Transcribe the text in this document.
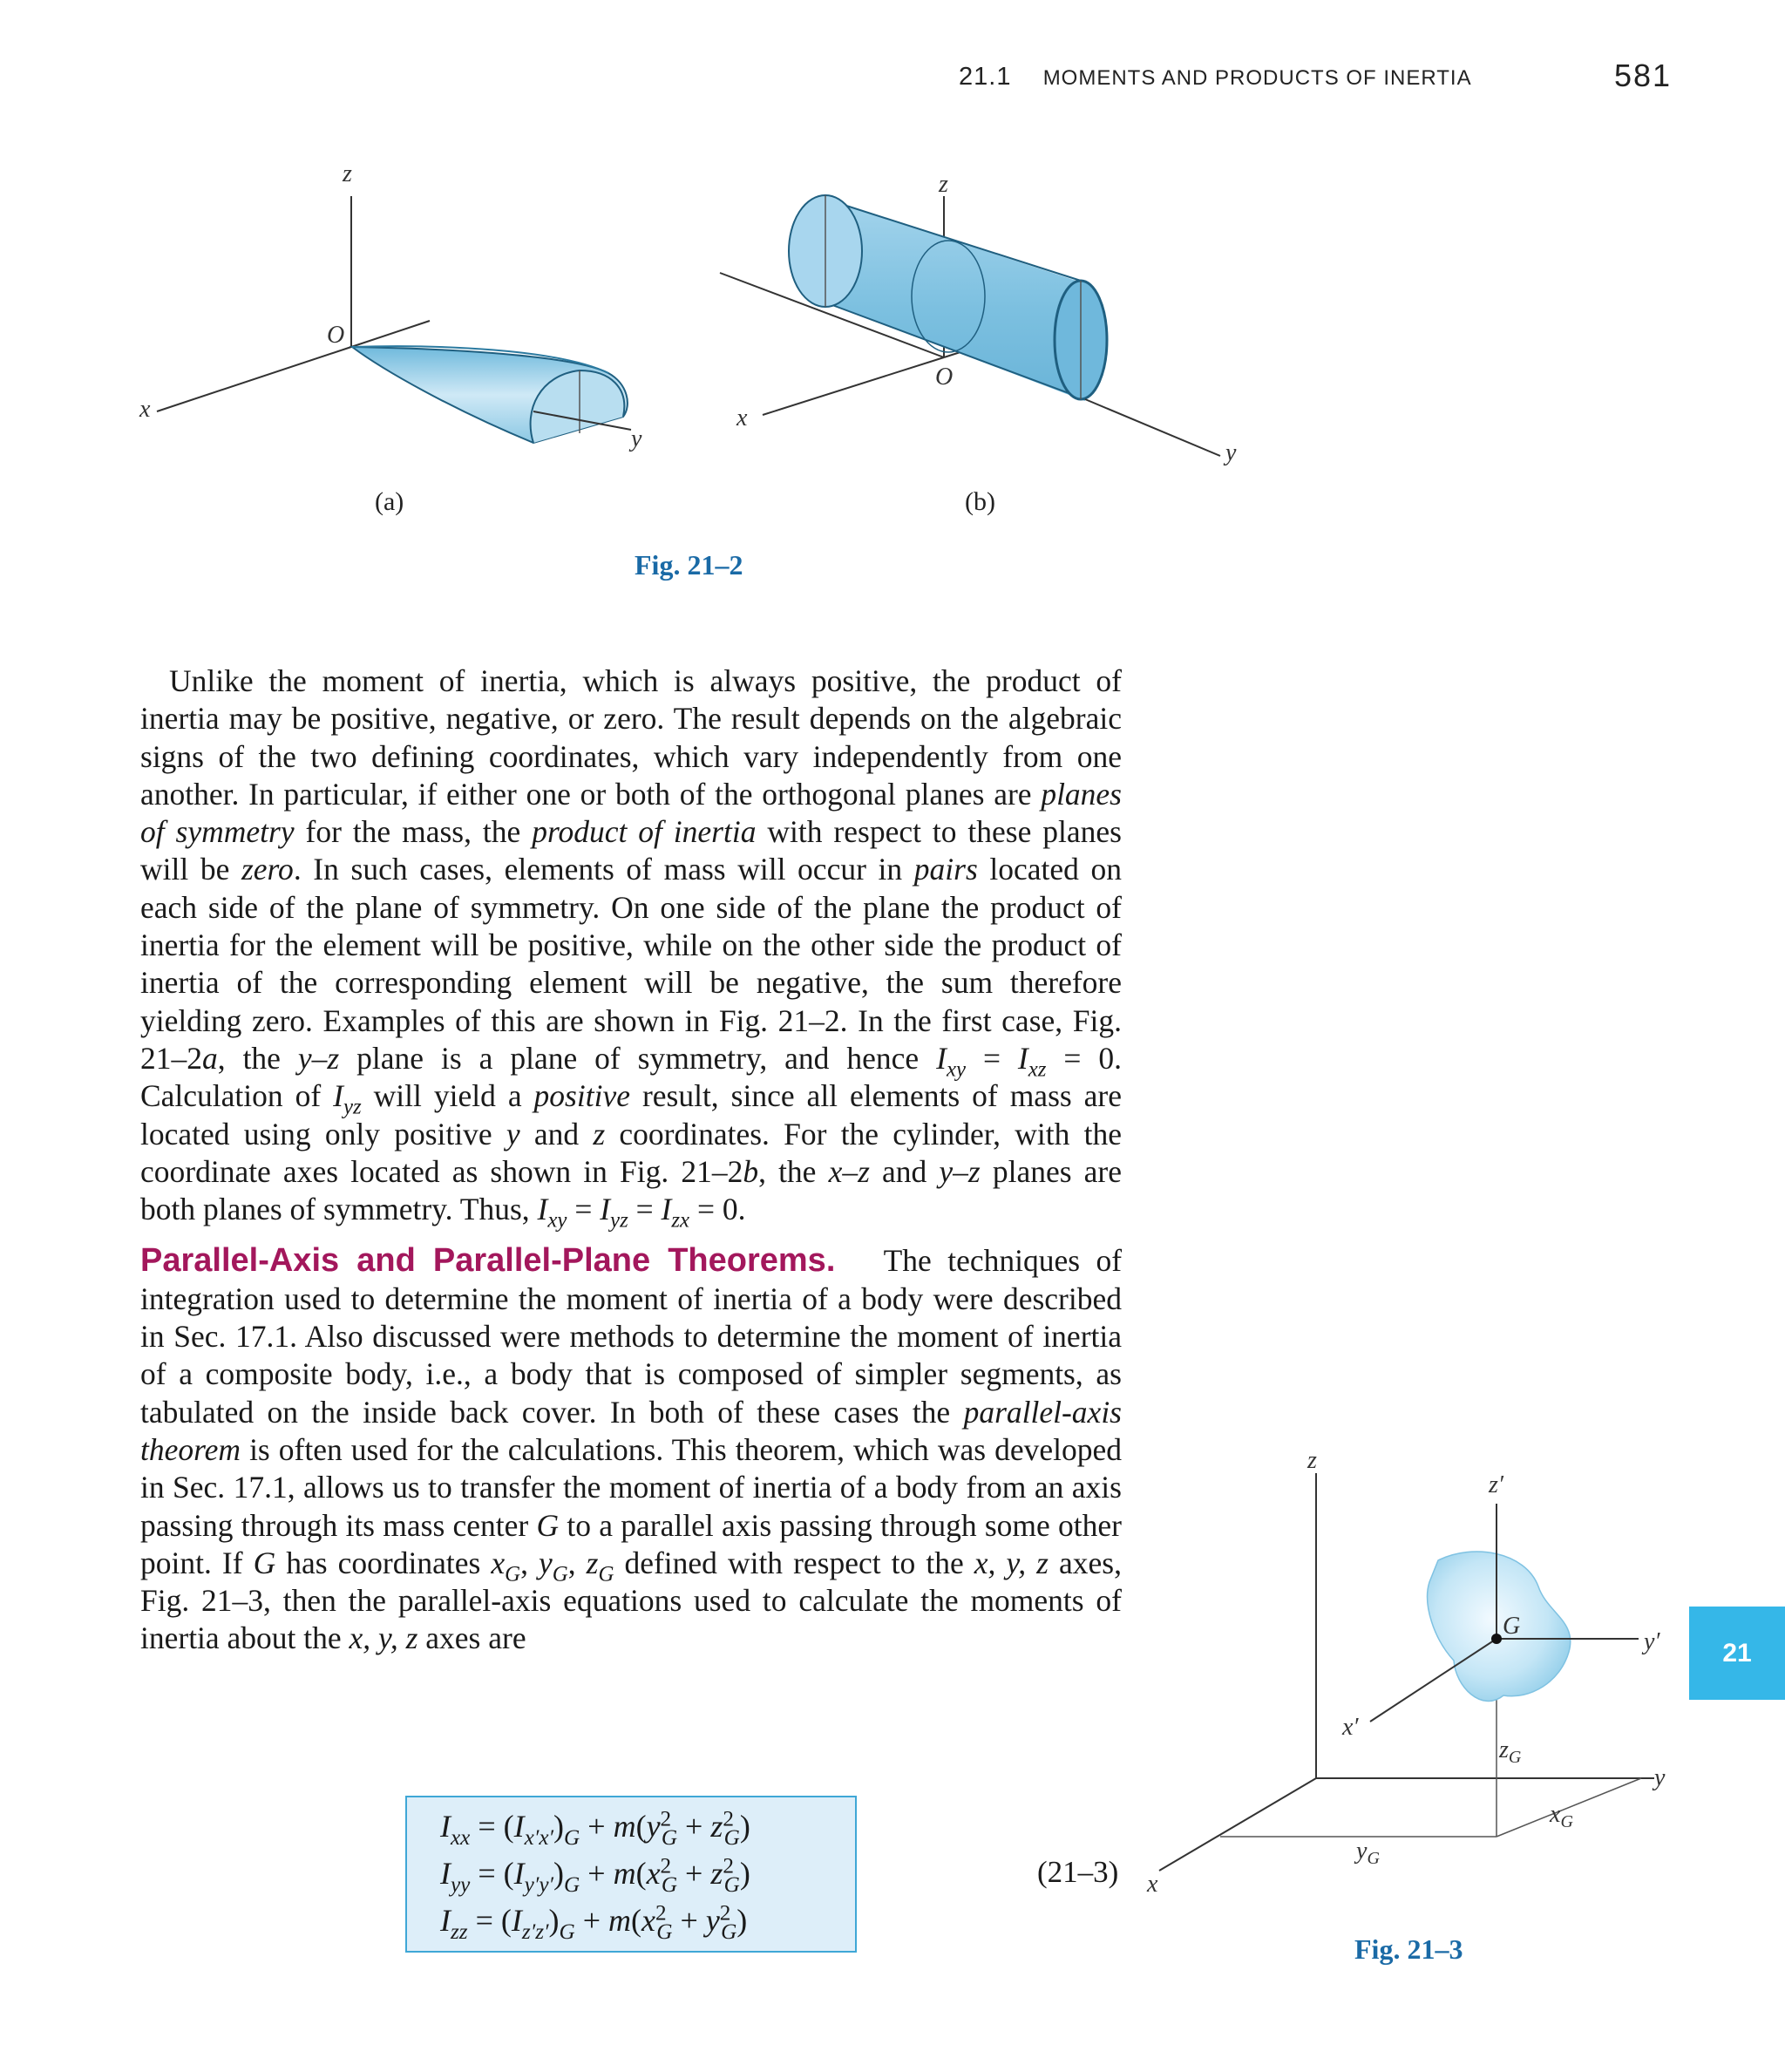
21.1 MOMENTS AND PRODUCTS OF INERTIA	581
z
O
x
y
(a)
z
O
x
y
(b)
z
z′
G
y′
x′
$z_G$
y
$x_G$
$y_G$
x
Fig. 21–2
Fig. 21–3

Unlike the moment of inertia, which is always positive, the product of inertia may be positive, negative, or zero. The result depends on the algebraic signs of the two defining coordinates, which vary independently from one another. In particular, if either one or both of the orthogonal planes are planes of symmetry for the mass, the product of inertia with respect to these planes will be zero. In such cases, elements of mass will occur in pairs located on each side of the plane of symmetry. On one side of the plane the product of inertia for the element will be positive, while on the other side the product of inertia of the corresponding element will be negative, the sum therefore yielding zero. Examples of this are shown in Fig. 21–2. In the first case, Fig. 21–2a, the y–z plane is a plane of symmetry, and hence $I_{xy} = I_{xz} = 0$. Calculation of $I_{yz}$ will yield a positive result, since all elements of mass are located using only positive y and z coordinates. For the cylinder, with the coordinate axes located as shown in Fig. 21–2b, the x–z and y–z planes are both planes of symmetry. Thus, $I_{xy} = I_{yz} = I_{zx} = 0$.

Parallel-Axis and Parallel-Plane Theorems. The techniques of integration used to determine the moment of inertia of a body were described in Sec. 17.1. Also discussed were methods to determine the moment of inertia of a composite body, i.e., a body that is composed of simpler segments, as tabulated on the inside back cover. In both of these cases the parallel-axis theorem is often used for the calculations. This theorem, which was developed in Sec. 17.1, allows us to transfer the moment of inertia of a body from an axis passing through its mass center G to a parallel axis passing through some other point. If G has coordinates $x_G$, $y_G$, $z_G$ defined with respect to the x, y, z axes, Fig. 21–3, then the parallel-axis equations used to calculate the moments of inertia about the x, y, z axes are

$I_{xx} = (I_{x'x'})_G + m(y^2_G + z^2_G)$
$I_{yy} = (I_{y'y'})_G + m(x^2_G + z^2_G)$
$I_{zz} = (I_{z'z'})_G + m(x^2_G + y^2_G)$
(21–3)
21
